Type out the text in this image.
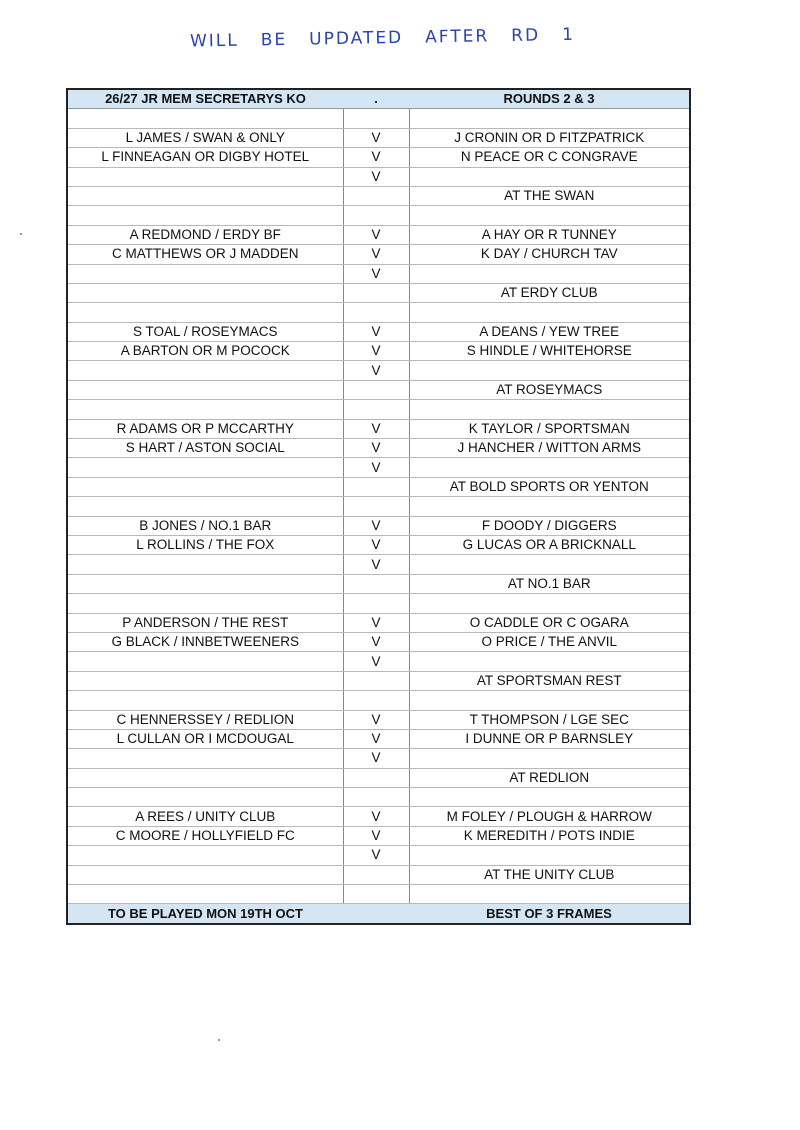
WILL BE UPDATED AFTER RD 1
26/27 JR MEM SECRETARYS KO	.	ROUNDS 2 & 3

L JAMES / SWAN & ONLY	V	J CRONIN OR D FITZPATRICK
L FINNEAGAN OR DIGBY HOTEL	V	N PEACE OR C CONGRAVE
	V	
		AT THE SWAN

A REDMOND / ERDY BF	V	A HAY OR R TUNNEY
C MATTHEWS OR J MADDEN	V	K DAY / CHURCH TAV
	V	
		AT ERDY CLUB

S TOAL / ROSEYMACS	V	A DEANS / YEW TREE
A BARTON OR M POCOCK	V	S HINDLE / WHITEHORSE
	V	
		AT ROSEYMACS

R ADAMS OR P MCCARTHY	V	K TAYLOR / SPORTSMAN
S HART / ASTON SOCIAL	V	J HANCHER / WITTON ARMS
	V	
		AT BOLD SPORTS OR YENTON

B JONES / NO.1 BAR	V	F DOODY / DIGGERS
L ROLLINS / THE FOX	V	G LUCAS OR A BRICKNALL
	V	
		AT NO.1 BAR

P ANDERSON / THE REST	V	O CADDLE OR C OGARA
G BLACK / INNBETWEENERS	V	O PRICE / THE ANVIL
	V	
		AT SPORTSMAN REST

C HENNERSSEY / REDLION	V	T THOMPSON / LGE SEC
L CULLAN OR I MCDOUGAL	V	I DUNNE OR P BARNSLEY
	V	
		AT REDLION

A REES / UNITY CLUB	V	M FOLEY / PLOUGH & HARROW
C MOORE / HOLLYFIELD FC	V	K MEREDITH / POTS INDIE
	V	
		AT THE UNITY CLUB

TO BE PLAYED MON 19TH OCT		BEST OF 3 FRAMES
